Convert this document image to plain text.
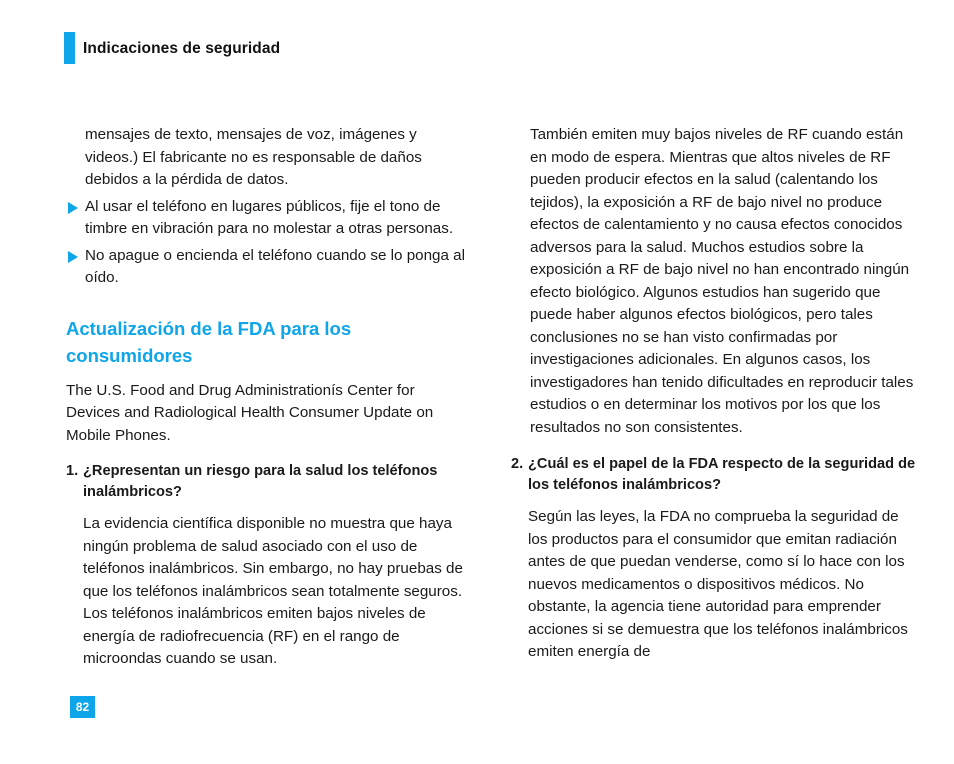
Indicaciones de seguridad

mensajes de texto, mensajes de voz, imágenes y videos.) El fabricante no es responsable de daños debidos a la pérdida de datos.

Al usar el teléfono en lugares públicos, fije el tono de timbre en vibración para no molestar a otras personas.
No apague o encienda el teléfono cuando se lo ponga al oído.
Actualización de la FDA para los consumidores

The U.S. Food and Drug Administrationís Center for Devices and Radiological Health Consumer Update on Mobile Phones.

1. ¿Representan un riesgo para la salud los teléfonos inalámbricos?

La evidencia científica disponible no muestra que haya ningún problema de salud asociado con el uso de teléfonos inalámbricos. Sin embargo, no hay pruebas de que los teléfonos inalámbricos sean totalmente seguros. Los teléfonos inalámbricos emiten bajos niveles de energía de radiofrecuencia (RF) en el rango de microondas cuando se usan.

También emiten muy bajos niveles de RF cuando están en modo de espera. Mientras que altos niveles de RF pueden producir efectos en la salud (calentando los tejidos), la exposición a RF de bajo nivel no produce efectos de calentamiento y no causa efectos conocidos adversos para la salud. Muchos estudios sobre la exposición a RF de bajo nivel no han encontrado ningún efecto biológico. Algunos estudios han sugerido que puede haber algunos efectos biológicos, pero tales conclusiones no se han visto confirmadas por investigaciones adicionales. En algunos casos, los investigadores han tenido dificultades en reproducir tales estudios o en determinar los motivos por los que los resultados no son consistentes.

2. ¿Cuál es el papel de la FDA respecto de la seguridad de los teléfonos inalámbricos?

Según las leyes, la FDA no comprueba la seguridad de los productos para el consumidor que emitan radiación antes de que puedan venderse, como sí lo hace con los nuevos medicamentos o dispositivos médicos. No obstante, la agencia tiene autoridad para emprender acciones si se demuestra que los teléfonos inalámbricos emiten energía de

82
